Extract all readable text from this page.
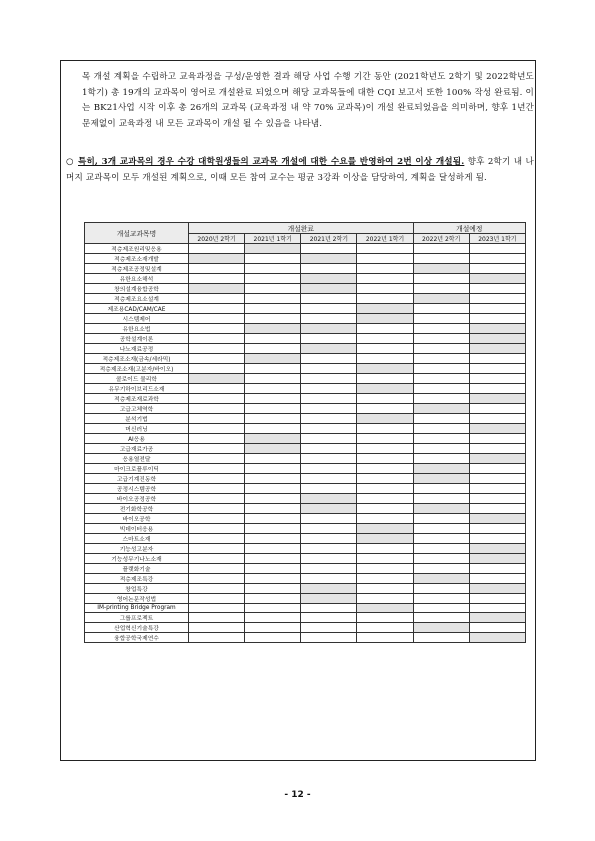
목 개설 계획을 수립하고 교육과정을 구성/운영한 결과 해당 사업 수행 기간 동안 (2021학년도 2학기 및 2022학년도 1학기) 총 19개의 교과목이 영어로 개설완료 되었으며 해당 교과목들에 대한 CQI 보고서 또한 100% 작성 완료됨. 이는 BK21사업 시작 이후 총 26개의 교과목 (교육과정 내 약 70% 교과목)이 개설 완료되었음을 의미하며, 향후 1년간 문제없이 교육과정 내 모든 교과목이 개설 될 수 있음을 나타냄.
○ 특히, 3개 교과목의 경우 수강 대학원생들의 교과목 개설에 대한 수요를 반영하여 2번 이상 개설됨. 향후 2학기 내 나머지 교과목이 모두 개설된 계획으로, 이때 모든 참여 교수는 평균 3강좌 이상을 담당하여, 계획을 달성하게 됨.
개설교과목명	개설완료				개설예정	
	2020년 2학기	2021년 1학기	2021년 2학기	2022년 1학기	2022년 2학기	2023년 1학기
적층제조원리및응용						
적층제조소재개발						
적층제조공정및설계						
유한요소해석						
창의설계융합공학						
적층제조요소설계						
제조용CAD/CAM/CAE						
시스템제어						
유한요소법						
공학설계이론						
나노재료공정						
적층제조소재(금속/세라믹)						
적층제조소재(고분자/바이오)						
콜로이드 물리학						
유무기하이브리드소재						
적층제조재료과학						
고급고체역학						
분석기법						
머신러닝						
AI응용						
고급재료가공						
응용열전달						
마이크로플루이딕						
고급기계진동학						
공정시스템공학						
바이오공정공학						
전기화학공학						
바이오공학						
빅데이터응용						
스마트소재						
기능성고분자						
기능성무기나노소재						
플랫화기술						
적층제조특강						
창업특강						
영어논문작성법						
IM-printing Bridge Program						
그룹프로젝트						
산업혁신기술특강						
융합공학국제연수						
- 12 -
